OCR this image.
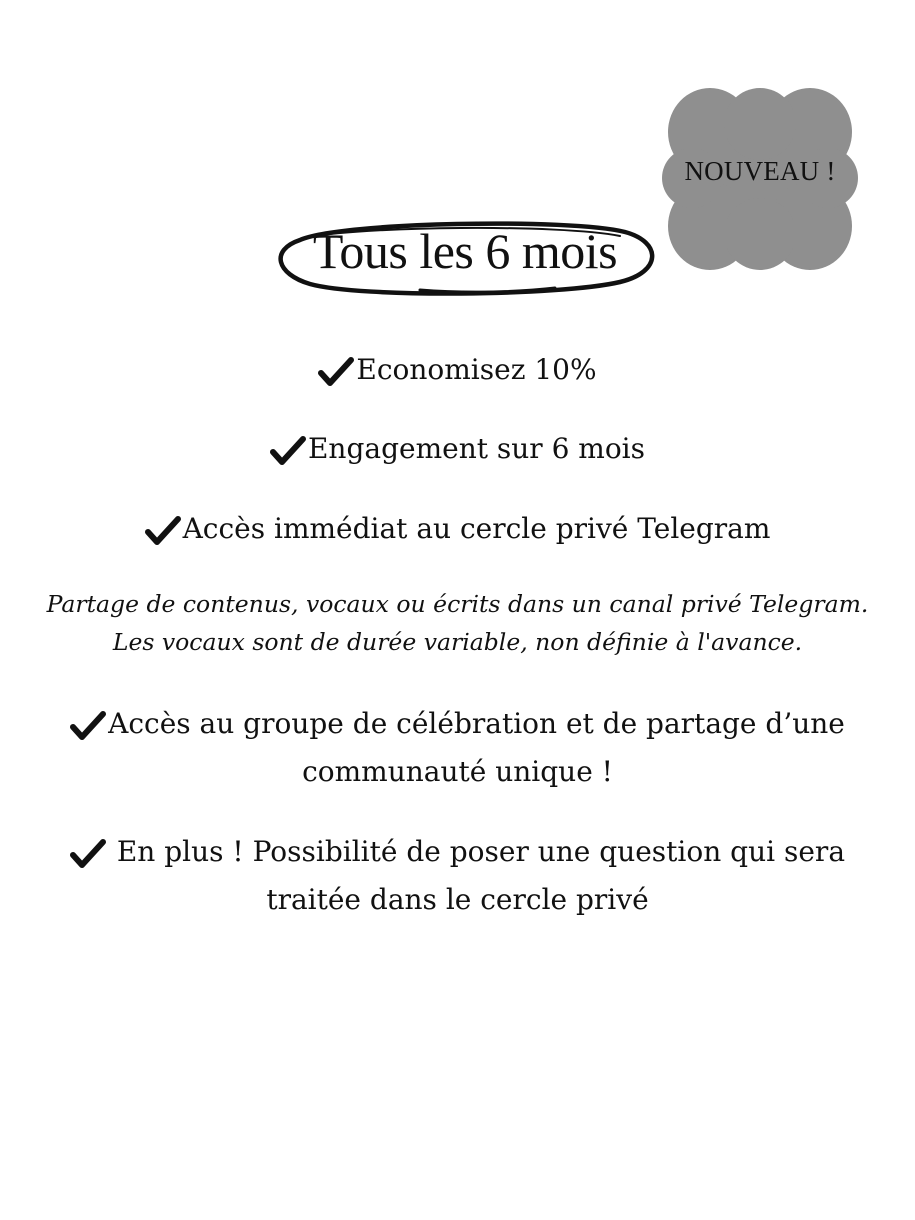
NOUVEAU !
Tous les 6 mois
Economisez 10%
Engagement sur 6 mois
Accès immédiat au cercle privé Telegram
Partage de contenus, vocaux ou écrits dans un canal privé Telegram.
Les vocaux sont de durée variable, non définie à l'avance.
Accès au groupe de célébration et de partage d’une
communauté unique !
En plus ! Possibilité de poser une question qui sera
traitée dans le cercle privé
